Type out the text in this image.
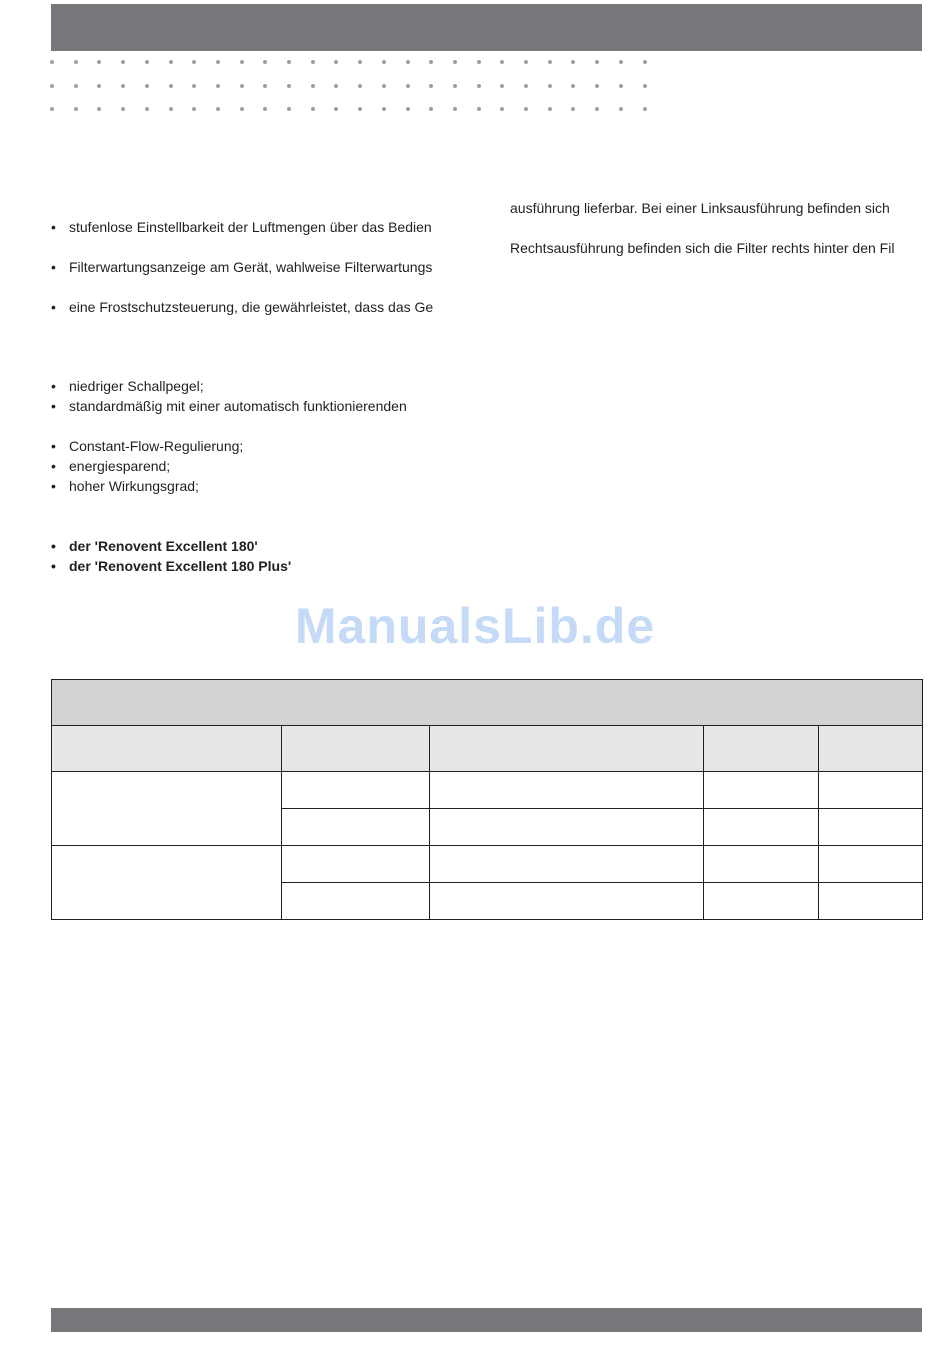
• stufenlose Einstellbarkeit der Luftmengen über das Bedien
• Filterwartungsanzeige am Gerät, wahlweise Filterwartungs
• eine Frostschutzsteuerung, die gewährleistet, dass das Ge
• niedriger Schallpegel;
• standardmäßig mit einer automatisch funktionierenden
• Constant-Flow-Regulierung;
• energiesparend;
• hoher Wirkungsgrad;
• der 'Renovent Excellent 180'
• der 'Renovent Excellent 180 Plus'
ausführung lieferbar. Bei einer Linksausführung befinden sich
Rechtsausführung befinden sich die Filter rechts hinter den Fil
ManualsLib.de
